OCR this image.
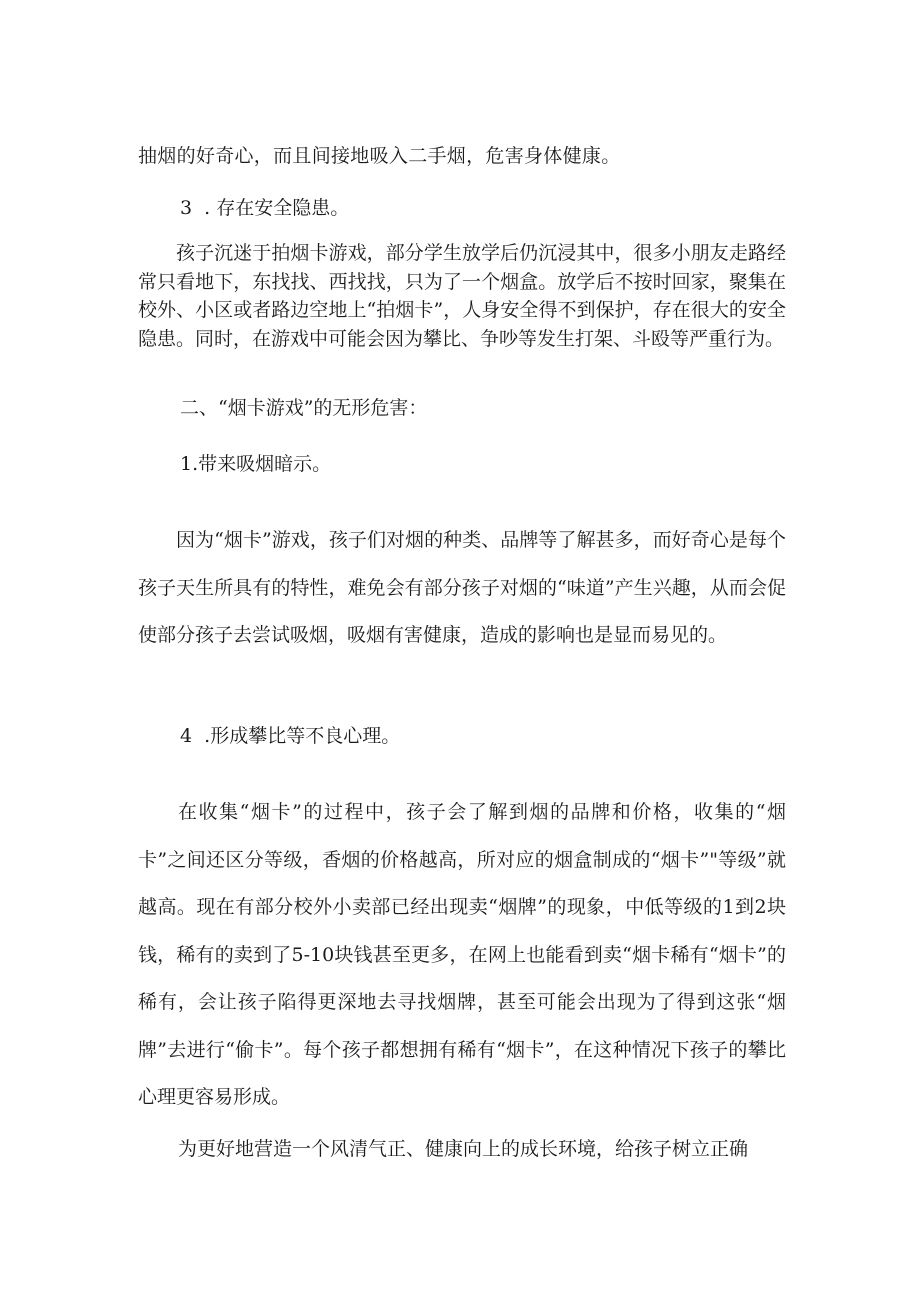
抽烟的好奇心，而且间接地吸入二手烟，危害身体健康。

3  . 存在安全隐患。

孩子沉迷于拍烟卡游戏，部分学生放学后仍沉浸其中，很多小朋友走路经常只看地下，东找找、西找找，只为了一个烟盒。放学后不按时回家，聚集在校外、小区或者路边空地上“拍烟卡”，人身安全得不到保护，存在很大的安全隐患。同时，在游戏中可能会因为攀比、争吵等发生打架、斗殴等严重行为。

二、“烟卡游戏”的无形危害：

1.带来吸烟暗示。

因为“烟卡”游戏，孩子们对烟的种类、品牌等了解甚多，而好奇心是每个孩子天生所具有的特性，难免会有部分孩子对烟的“味道”产生兴趣，从而会促使部分孩子去尝试吸烟，吸烟有害健康，造成的影响也是显而易见的。

4  .形成攀比等不良心理。

在收集“烟卡”的过程中，孩子会了解到烟的品牌和价格，收集的“烟卡”之间还区分等级，香烟的价格越高，所对应的烟盒制成的“烟卡”"等级”就越高。现在有部分校外小卖部已经出现卖“烟牌”的现象，中低等级的1到2块钱，稀有的卖到了5-10块钱甚至更多，在网上也能看到卖“烟卡稀有“烟卡”的稀有，会让孩子陷得更深地去寻找烟牌，甚至可能会出现为了得到这张“烟牌”去进行“偷卡”。每个孩子都想拥有稀有“烟卡”，在这种情况下孩子的攀比心理更容易形成。

为更好地营造一个风清气正、健康向上的成长环境，给孩子树立正确
